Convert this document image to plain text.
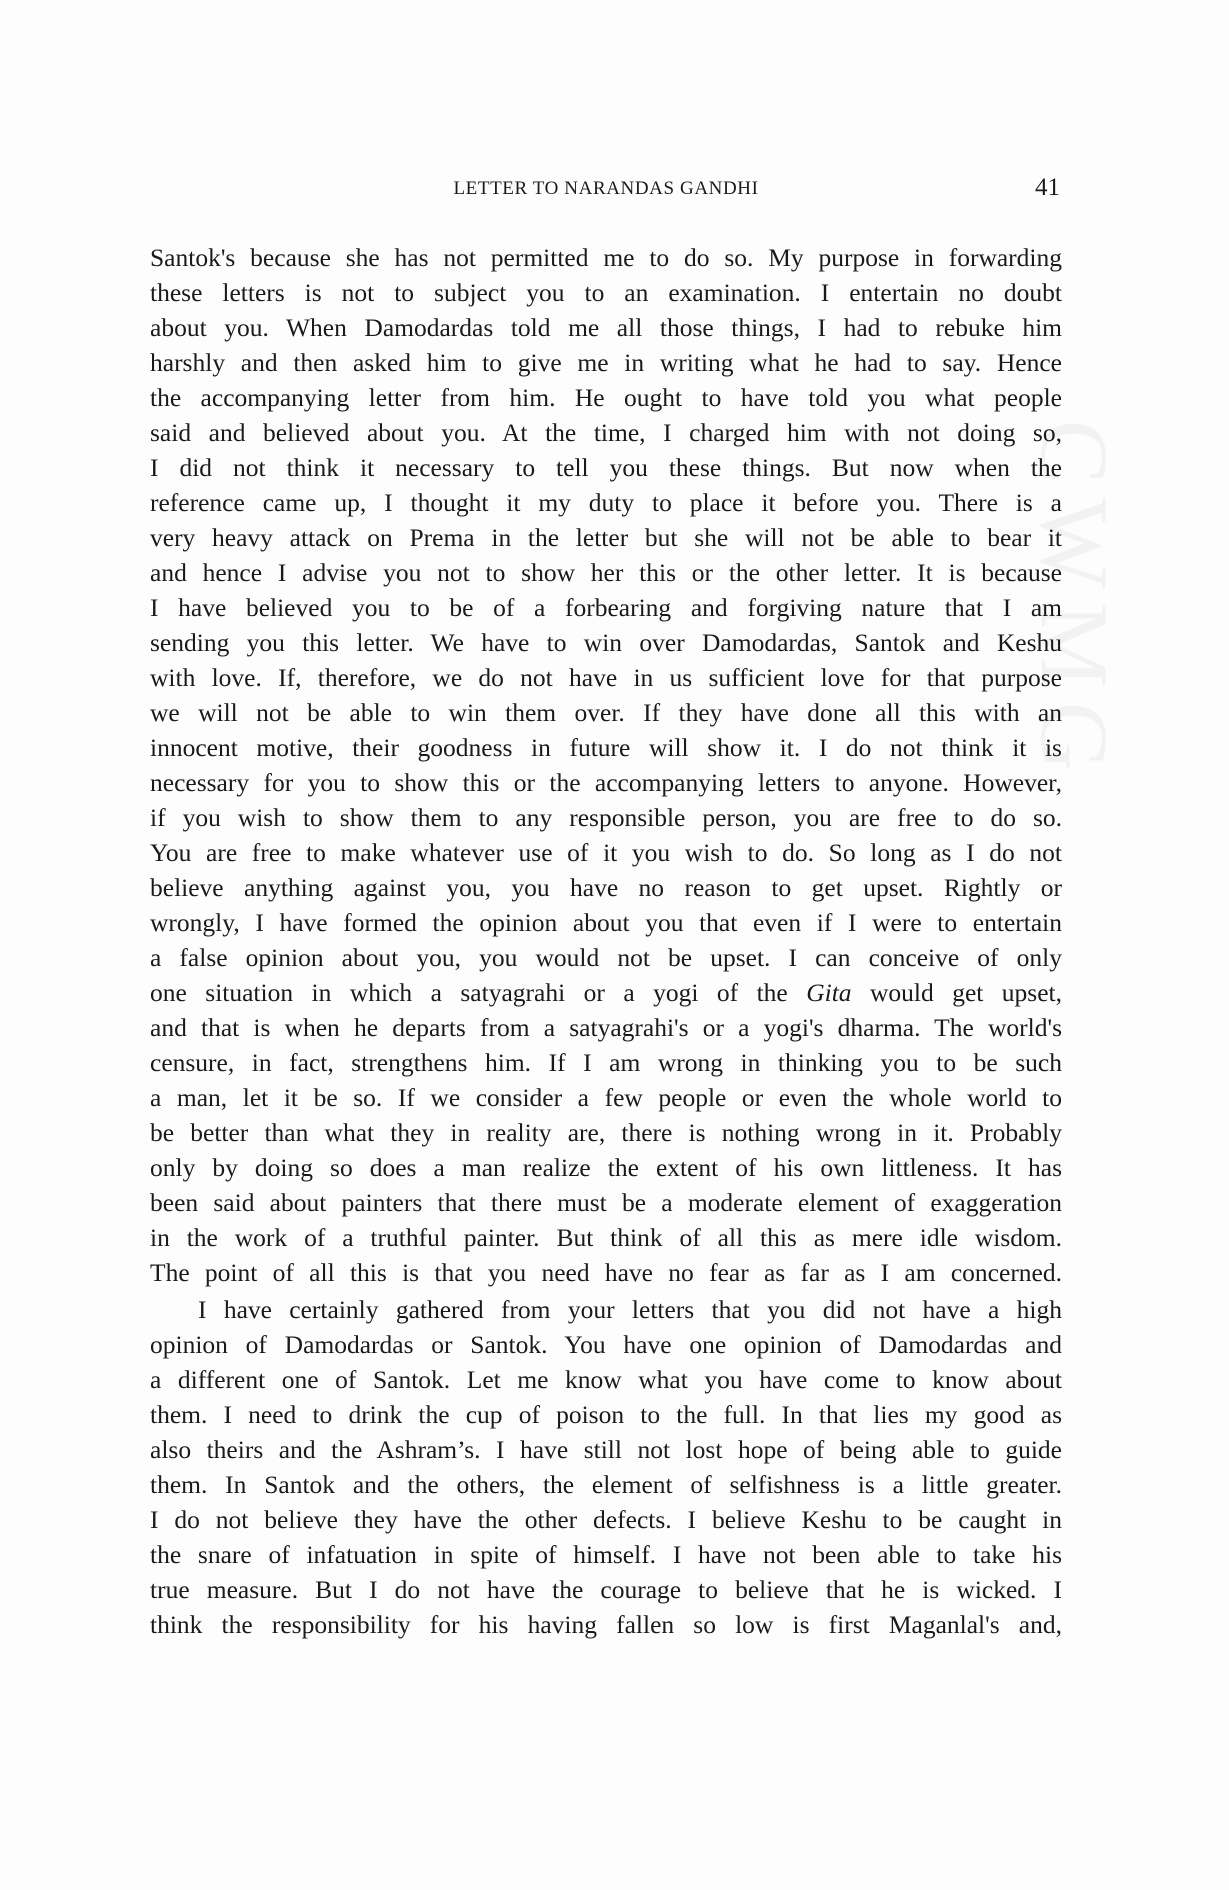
CWMG
LETTER TO NARANDAS GANDHI	41
Santok's because she has not permitted me to do so. My purpose in forwarding
these letters is not to subject you to an examination. I entertain no doubt
about you. When Damodardas told me all those things, I had to rebuke him
harshly and then asked him to give me in writing what he had to say. Hence
the accompanying letter from him. He ought to have told you what people
said and believed about you. At the time, I charged him with not doing so,
I did not think it necessary to tell you these things. But now when the
reference came up, I thought it my duty to place it before you. There is a
very heavy attack on Prema in the letter but she will not be able to bear it
and hence I advise you not to show her this or the other letter. It is because
I have believed you to be of a forbearing and forgiving nature that I am
sending you this letter. We have to win over Damodardas, Santok and Keshu
with love. If, therefore, we do not have in us sufficient love for that purpose
we will not be able to win them over. If they have done all this with an
innocent motive, their goodness in future will show it. I do not think it is
necessary for you to show this or the accompanying letters to anyone. However,
if you wish to show them to any responsible person, you are free to do so.
You are free to make whatever use of it you wish to do. So long as I do not
believe anything against you, you have no reason to get upset. Rightly or
wrongly, I have formed the opinion about you that even if I were to entertain
a false opinion about you, you would not be upset. I can conceive of only
one situation in which a satyagrahi or a yogi of the Gita would get upset,
and that is when he departs from a satyagrahi's or a yogi's dharma. The world's
censure, in fact, strengthens him. If I am wrong in thinking you to be such
a man, let it be so. If we consider a few people or even the whole world to
be better than what they in reality are, there is nothing wrong in it. Probably
only by doing so does a man realize the extent of his own littleness. It has
been said about painters that there must be a moderate element of exaggeration
in the work of a truthful painter. But think of all this as mere idle wisdom.
The point of all this is that you need have no fear as far as I am concerned.
I have certainly gathered from your letters that you did not have a high
opinion of Damodardas or Santok. You have one opinion of Damodardas and
a different one of Santok. Let me know what you have come to know about
them. I need to drink the cup of poison to the full. In that lies my good as
also theirs and the Ashram’s. I have still not lost hope of being able to guide
them. In Santok and the others, the element of selfishness is a little greater.
I do not believe they have the other defects. I believe Keshu to be caught in
the snare of infatuation in spite of himself. I have not been able to take his
true measure. But I do not have the courage to believe that he is wicked. I
think the responsibility for his having fallen so low is first Maganlal's and,
